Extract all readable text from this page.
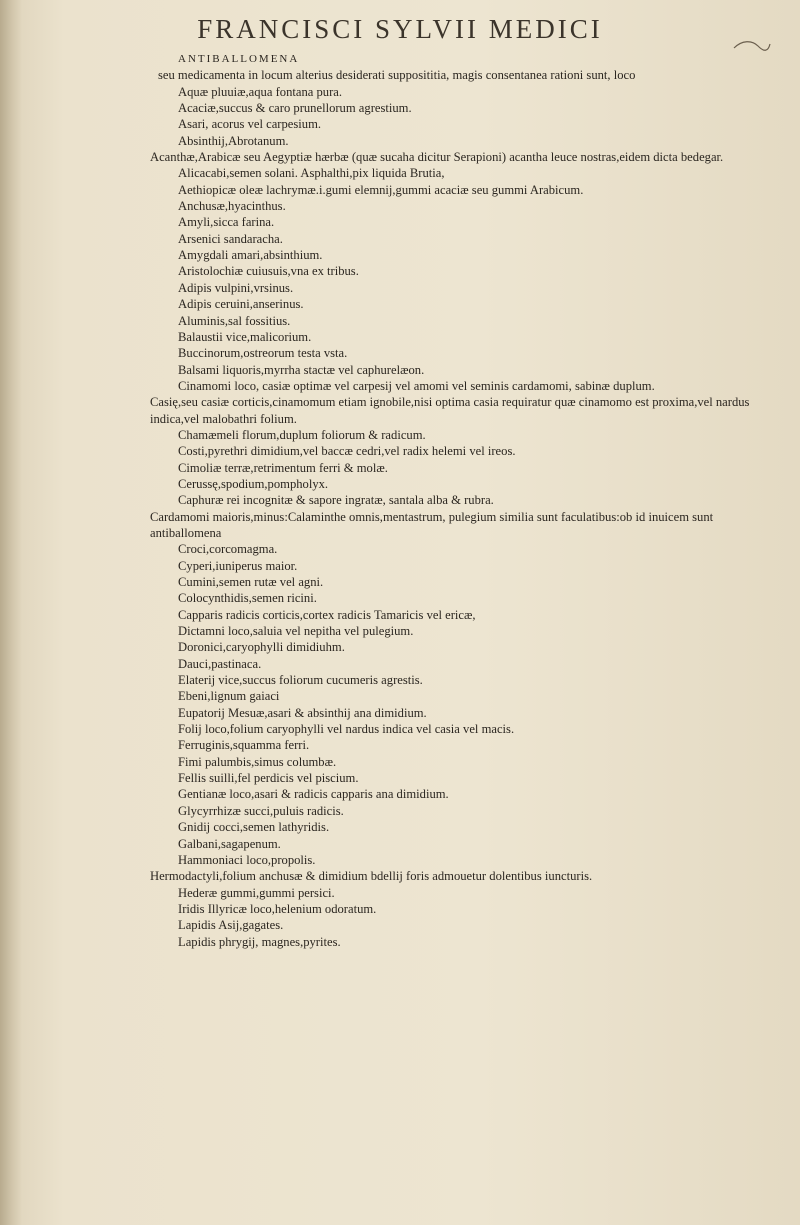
FRANCISCI SYLVII MEDICI
ANTIBALLOMENA
seu medicamenta in locum alterius desiderati supposititia, magis consentanea rationi sunt, loco
Aquæ pluuiæ,aqua fontana pura.
Acaciæ,succus & caro prunellorum agrestium.
Asari, acorus vel carpesium.
Absinthij,Abrotanum.
Acanthæ,Arabicæ seu Aegyptiæ hærbæ (quæ sucaha dicitur Serapioni) acantha leuce nostras,eidem dicta bedegar.
Alicacabi,semen solani. Asphalthi,pix liquida Brutia,
Aethiopicæ oleæ lachrymæ.i.gumi elemnij,gummi acaciæ seu gummi Arabicum.
Anchusæ,hyacinthus.
Amyli,sicca farina.
Arsenici sandaracha.
Amygdali amari,absinthium.
Aristolochiæ cuiusuis,vna ex tribus.
Adipis vulpini,vrsinus.
Adipis ceruini,anserinus.
Aluminis,sal fossitius.
Balaustii vice,malicorium.
Buccinorum,ostreorum testa vsta.
Balsami liquoris,myrrha stactæ vel caphurelæon.
Cinamomi loco, casiæ optimæ vel carpesij vel amomi vel seminis cardamomi, sabinæ duplum.
Casię,seu casiæ corticis,cinamomum etiam ignobile,nisi optima casia requiratur quæ cinamomo est proxima,vel nardus indica,vel malobathri folium.
Chamæmeli florum,duplum foliorum & radicum.
Costi,pyrethri dimidium,vel baccæ cedri,vel radix helemi vel ireos.
Cimoliæ terræ,retrimentum ferri & molæ.
Cerussę,spodium,pompholyx.
Caphuræ rei incognitæ & sapore ingratæ, santala alba & rubra.
Cardamomi maioris,minus:Calaminthe omnis,mentastrum, pulegium similia sunt faculatibus:ob id inuicem sunt antiballomena
Croci,corcomagma.
Cyperi,iuniperus maior.
Cumini,semen rutæ vel agni.
Colocynthidis,semen ricini.
Capparis radicis corticis,cortex radicis Tamaricis vel ericæ,
Dictamni loco,saluia vel nepitha vel pulegium.
Doronici,caryophylli dimidiuhm.
Dauci,pastinaca.
Elaterij vice,succus foliorum cucumeris agrestis.
Ebeni,lignum gaiaci
Eupatorij Mesuæ,asari & absinthij ana dimidium.
Folij loco,folium caryophylli vel nardus indica vel casia vel macis.
Ferruginis,squamma ferri.
Fimi palumbis,simus columbæ.
Fellis suilli,fel perdicis vel piscium.
Gentianæ loco,asari & radicis capparis ana dimidium.
Glycyrrhizæ succi,puluis radicis.
Gnidij cocci,semen lathyridis.
Galbani,sagapenum.
Hammoniaci loco,propolis.
Hermodactyli,folium anchusæ & dimidium bdellij foris admouetur dolentibus iuncturis.
Hederæ gummi,gummi persici.
Iridis Illyricæ loco,helenium odoratum.
Lapidis Asij,gagates.
Lapidis phrygij, magnes,pyrites.
